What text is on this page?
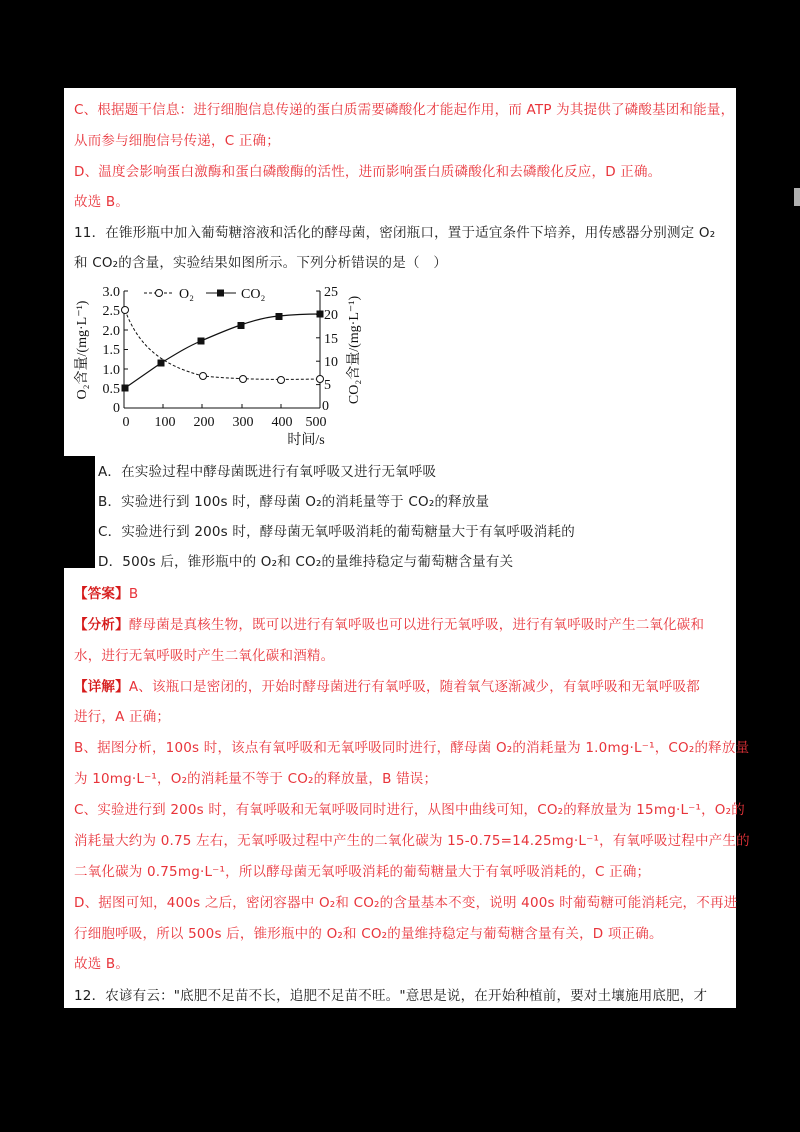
C、根据题干信息：进行细胞信息传递的蛋白质需要磷酸化才能起作用，而 ATP 为其提供了磷酸基团和能量，
从而参与细胞信号传递，C 正确；
D、温度会影响蛋白激酶和蛋白磷酸酶的活性，进而影响蛋白质磷酸化和去磷酸化反应，D 正确。
故选 B。
11．在锥形瓶中加入葡萄糖溶液和活化的酵母菌，密闭瓶口，置于适宜条件下培养，用传感器分别测定 O₂
和 CO₂的含量，实验结果如图所示。下列分析错误的是（　）
3.0
2.5
2.0
1.5
1.0
0.5
0
25
20
15
10
5
0
0 100 200 300 400 500
时间/s
O₂含量/(mg·L⁻¹)	CO₂含量/(mg·L⁻¹)
O₂	CO₂
A．在实验过程中酵母菌既进行有氧呼吸又进行无氧呼吸
B．实验进行到 100s 时，酵母菌 O₂的消耗量等于 CO₂的释放量
C．实验进行到 200s 时，酵母菌无氧呼吸消耗的葡萄糖量大于有氧呼吸消耗的
D．500s 后，锥形瓶中的 O₂和 CO₂的量维持稳定与葡萄糖含量有关
【答案】B
【分析】酵母菌是真核生物，既可以进行有氧呼吸也可以进行无氧呼吸，进行有氧呼吸时产生二氧化碳和
水，进行无氧呼吸时产生二氧化碳和酒精。
【详解】A、该瓶口是密闭的，开始时酵母菌进行有氧呼吸，随着氧气逐渐减少，有氧呼吸和无氧呼吸都
进行，A 正确；
B、据图分析，100s 时，该点有氧呼吸和无氧呼吸同时进行，酵母菌 O₂的消耗量为 1.0mg·L⁻¹，CO₂的释放量
为 10mg·L⁻¹，O₂的消耗量不等于 CO₂的释放量，B 错误；
C、实验进行到 200s 时，有氧呼吸和无氧呼吸同时进行，从图中曲线可知，CO₂的释放量为 15mg·L⁻¹，O₂的
消耗量大约为 0.75 左右，无氧呼吸过程中产生的二氧化碳为 15-0.75=14.25mg·L⁻¹，有氧呼吸过程中产生的
二氧化碳为 0.75mg·L⁻¹，所以酵母菌无氧呼吸消耗的葡萄糖量大于有氧呼吸消耗的，C 正确；
D、据图可知，400s 之后，密闭容器中 O₂和 CO₂的含量基本不变，说明 400s 时葡萄糖可能消耗完，不再进
行细胞呼吸，所以 500s 后，锥形瓶中的 O₂和 CO₂的量维持稳定与葡萄糖含量有关，D 项正确。
故选 B。
12．农谚有云："底肥不足苗不长，追肥不足苗不旺。"意思是说，在开始种植前，要对土壤施用底肥，才
